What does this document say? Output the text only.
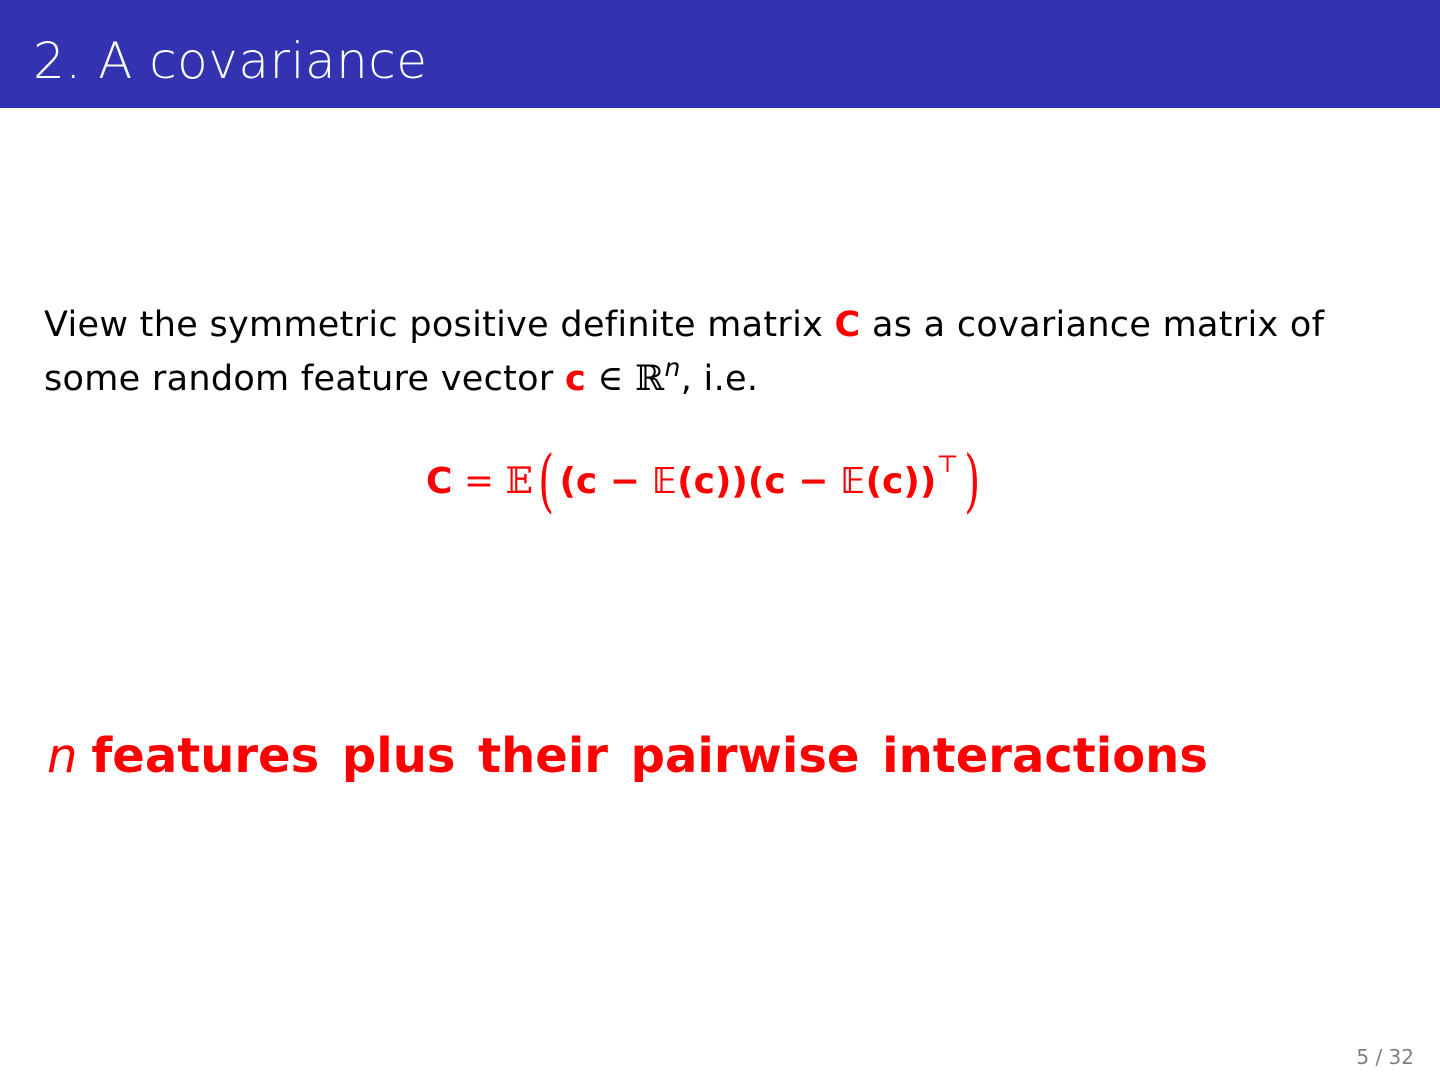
2. A covariance
View the symmetric positive definite matrix C as a covariance matrix of some random feature vector c ∈ ℝ$^n$, i.e.
C = 𝔼( (c − 𝔼(c))(c − 𝔼(c))⊤)
n features plus their pairwise interactions
5 / 32
